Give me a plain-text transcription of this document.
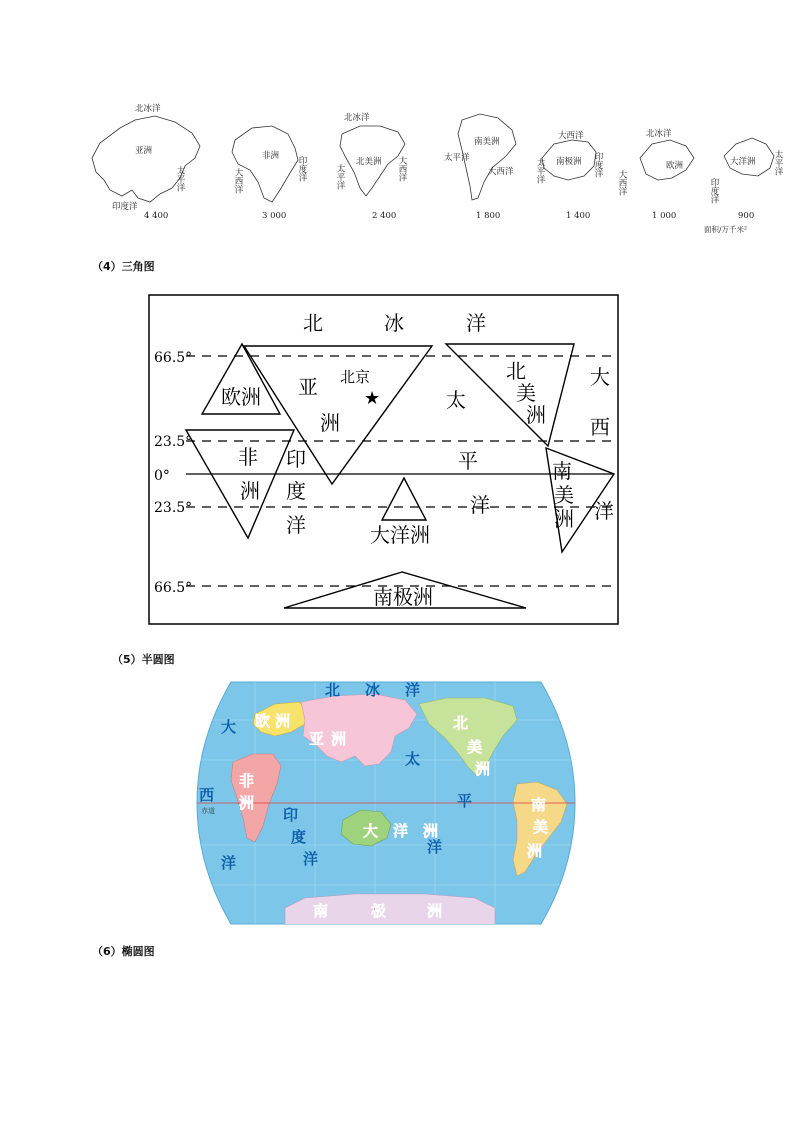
亚洲
北冰洋
太平洋
印度洋
4 400
非洲
大西洋	印度洋
3 000
北冰洋
北美洲
太平洋	大西洋
2 400
南美洲
太平洋
大西洋
1 800
大西洋
南极洲
太平洋	印度洋
1 400
北冰洋
欧洲
大西洋
1 000
大洋洲 太平洋
印度洋
900
面积/万千米²
（4）三角图
66.5°
23.5°
0°
23.5°
66.5°
北	冰	洋
欧洲 亚
洲
太
平
洋
北
美
洲
大
西
洋
非
洲
印
度
洋
南
美
洲
大洋洲
南极洲
北京
★
（5）半圆图
欧 洲
亚 洲
非
洲
北
美
洲
南
美
洲
大 洋 洲
南	极	洲
北 冰 洋
太
平
洋
印
度
洋
大
西
洋
赤道
（6）椭圆图
